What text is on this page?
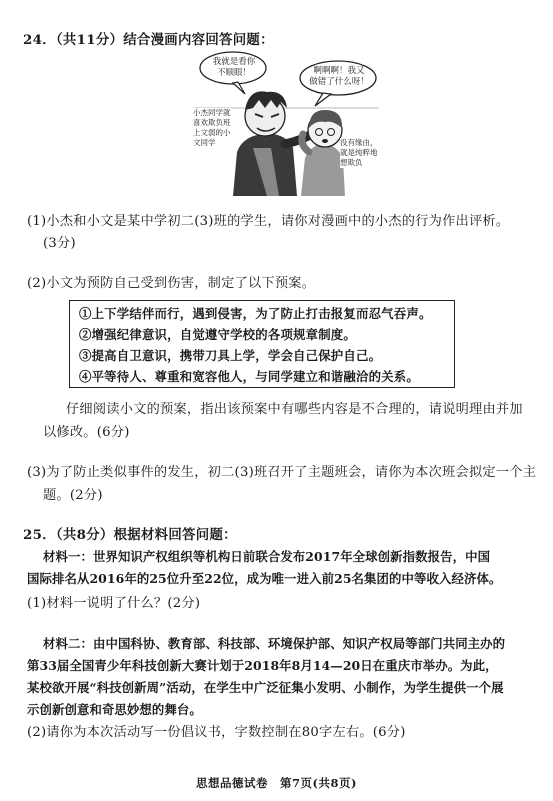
24．（共11分）结合漫画内容回答问题：
我就是看你
不顺眼！	啊啊啊！我又
做错了什么呀！
小杰同学就
喜欢欺负班
上文弱的小
文同学	没有缘由，
就是纯粹地
想欺负
(1)小杰和小文是某中学初二(3)班的学生，请你对漫画中的小杰的行为作出评析。
(3分)
(2)小文为预防自己受到伤害，制定了以下预案。
①上下学结伴而行，遇到侵害，为了防止打击报复而忍气吞声。
②增强纪律意识，自觉遵守学校的各项规章制度。
③提高自卫意识，携带刀具上学，学会自己保护自己。
④平等待人、尊重和宽容他人，与同学建立和谐融洽的关系。
仔细阅读小文的预案，指出该预案中有哪些内容是不合理的，请说明理由并加
以修改。(6分)
(3)为了防止类似事件的发生，初二(3)班召开了主题班会，请你为本次班会拟定一个主
题。(2分)
25．（共8分）根据材料回答问题：
材料一：世界知识产权组织等机构日前联合发布2017年全球创新指数报告，中国
国际排名从2016年的25位升至22位，成为唯一进入前25名集团的中等收入经济体。
(1)材料一说明了什么？(2分)
材料二：由中国科协、教育部、科技部、环境保护部、知识产权局等部门共同主办的
第33届全国青少年科技创新大赛计划于2018年8月14—20日在重庆市举办。为此，
某校欲开展“科技创新周”活动，在学生中广泛征集小发明、小制作，为学生提供一个展
示创新创意和奇思妙想的舞台。
(2)请你为本次活动写一份倡议书，字数控制在80字左右。(6分)
思想品德试卷　第7页(共8页)
